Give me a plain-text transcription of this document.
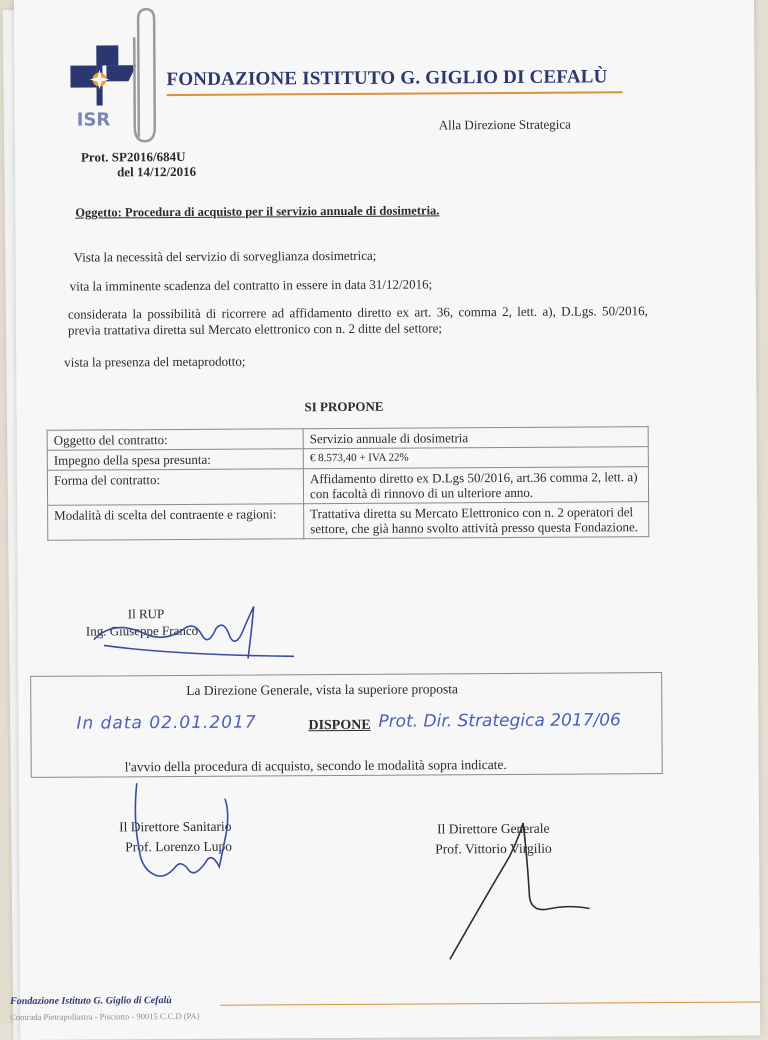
ISR
FONDAZIONE ISTITUTO G. GIGLIO DI CEFALÙ
Alla Direzione Strategica
Prot. SP2016/684U
del 14/12/2016
Oggetto: Procedura di acquisto per il servizio annuale di dosimetria.
Vista la necessità del servizio di sorveglianza dosimetrica;
vita la imminente scadenza del contratto in essere in data 31/12/2016;
considerata la possibilità di ricorrere ad affidamento diretto ex art. 36, comma 2, lett. a), D.Lgs. 50/2016, previa trattativa diretta sul Mercato elettronico con n. 2 ditte del settore;
vista la presenza del metaprodotto;
SI PROPONE
Oggetto del contratto:	Servizio annuale di dosimetria
Impegno della spesa presunta:	€ 8.573,40 + IVA 22%
Forma del contratto:	Affidamento diretto ex D.Lgs 50/2016, art.36 comma 2, lett. a) con facoltà di rinnovo di un ulteriore anno.
Modalità di scelta del contraente e ragioni:	Trattativa diretta su Mercato Elettronico con n. 2 operatori del settore, che già hanno svolto attività presso questa Fondazione.
Il RUP
Ing. Giuseppe Franco
La Direzione Generale, vista la superiore proposta
In data 02.01.2017	DISPONE Prot. Dir. Strategica 2017/06
l'avvio della procedura di acquisto, secondo le modalità sopra indicate.
Il Direttore Sanitario
Prof. Lorenzo Lupo
Il Direttore Generale
Prof. Vittorio Virgilio
Fondazione Istituto G. Giglio di Cefalù
Contrada Pietrapollastra - Pisciotto - 90015 C.C.D (PA)
